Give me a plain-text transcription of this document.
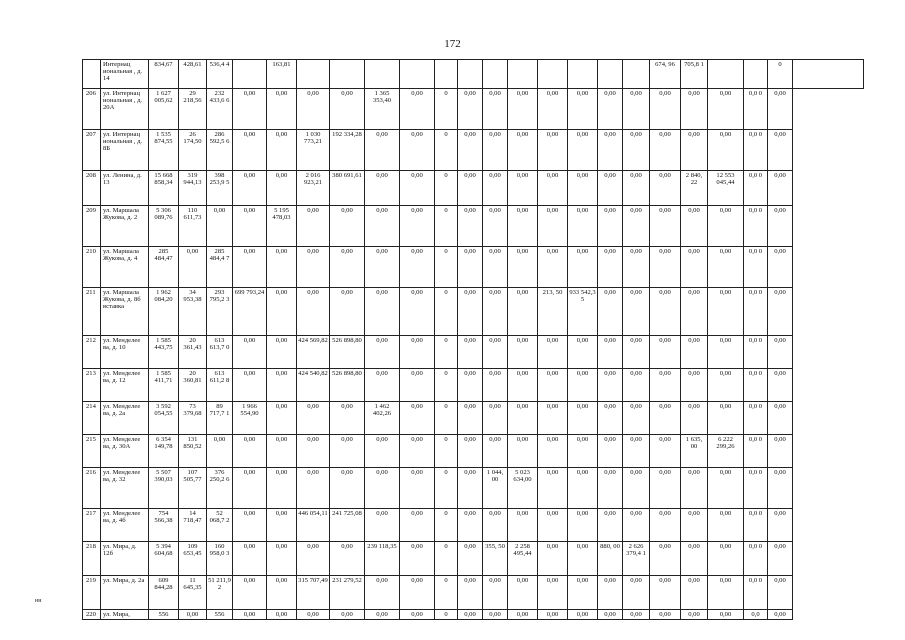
172
	Интернац иональная , д. 14	834,67	428,61	536,4 4		163,81													674, 96	705,8 1			0	
206	ул. Интернац иональная , д. 20А	1 627 005,62	29 218,56	232 433,6 6	0,00	0,00	0,00	0,00	1 365 353,40	0,00	0	0,00	0,00	0,00	0,00	0,00	0,00	0,00	0,00	0,00	0,00	0,0 0	0,00	
207	ул. Интернац иональная , д. 8Б	1 535 874,55	26 174,50	286 592,5 6	0,00	0,00	1 030 773,21	192 334,28	0,00	0,00	0	0,00	0,00	0,00	0,00	0,00	0,00	0,00	0,00	0,00	0,00	0,0 0	0,00	
208	ул. Ленина, д. 13	15 668 858,34	319 944,13	398 253,9 5	0,00	0,00	2 016 923,21	380 691,61	0,00	0,00	0	0,00	0,00	0,00	0,00	0,00	0,00	0,00	0,00	2 840, 22	12 553 045,44	0,0 0	0,00	
209	ул. Маршала Жукова, д. 2	5 306 089,76	110 611,73	0,00	0,00	5 195 478,03	0,00	0,00	0,00	0,00	0	0,00	0,00	0,00	0,00	0,00	0,00	0,00	0,00	0,00	0,00	0,0 0	0,00	
210	ул. Маршала Жукова, д. 4	285 484,47	0,00	285 484,4 7	0,00	0,00	0,00	0,00	0,00	0,00	0	0,00	0,00	0,00	0,00	0,00	0,00	0,00	0,00	0,00	0,00	0,0 0	0,00	
211	ул. Маршала Жукова, д. 8б вставка	1 962 084,20	34 953,38	293 795,2 3	699 793,24	0,00	0,00	0,00	0,00	0,00	0	0,00	0,00	0,00	213, 50	933 542,3 5	0,00	0,00	0,00	0,00	0,00	0,0 0	0,00	
212	ул. Менделее ва, д. 10	1 585 443,75	20 361,43	613 613,7 0	0,00	0,00	424 569,82	526 898,80	0,00	0,00	0	0,00	0,00	0,00	0,00	0,00	0,00	0,00	0,00	0,00	0,00	0,0 0	0,00	
213	ул. Менделее ва, д. 12	1 585 411,71	20 360,81	613 611,2 8	0,00	0,00	424 540,82	526 898,80	0,00	0,00	0	0,00	0,00	0,00	0,00	0,00	0,00	0,00	0,00	0,00	0,00	0,0 0	0,00	
214	ул. Менделее ва, д. 2а	3 592 054,55	73 379,68	89 717,7 1	1 966 554,90	0,00	0,00	0,00	1 462 402,26	0,00	0	0,00	0,00	0,00	0,00	0,00	0,00	0,00	0,00	0,00	0,00	0,0 0	0,00	
215	ул. Менделее ва, д. 30А	6 354 149,78	131 850,52	0,00	0,00	0,00	0,00	0,00	0,00	0,00	0	0,00	0,00	0,00	0,00	0,00	0,00	0,00	0,00	1 635, 00	6 222 299,26	0,0 0	0,00	
216	ул. Менделее ва, д. 32	5 507 390,03	107 505,77	376 250,2 6	0,00	0,00	0,00	0,00	0,00	0,00	0	0,00	1 044, 00	5 023 634,00	0,00	0,00	0,00	0,00	0,00	0,00	0,00	0,0 0	0,00	
217	ул. Менделее ва, д. 4б	754 566,38	14 718,47	52 068,7 2	0,00	0,00	446 054,11	241 725,08	0,00	0,00	0	0,00	0,00	0,00	0,00	0,00	0,00	0,00	0,00	0,00	0,00	0,0 0	0,00	
218	ул. Мира, д. 12б	5 394 604,68	109 653,45	160 958,0 3	0,00	0,00	0,00	0,00	239 118,35	0,00	0	0,00	355, 50	2 258 495,44	0,00	0,00	880, 00	2 626 379,4 1	0,00	0,00	0,00	0,0 0	0,00	
219	ул. Мира, д. 2а	609 844,28	11 645,35	51 211,9 2	0,00	0,00	315 707,49	231 279,52	0,00	0,00	0	0,00	0,00	0,00	0,00	0,00	0,00	0,00	0,00	0,00	0,00	0,0 0	0,00	
220	ул. Мира,	556	0,00	556	0,00	0,00	0,00	0,00	0,00	0,00	0	0,00	0,00	0,00	0,00	0,00	0,00	0,00	0,00	0,00	0,00	0,0	0,00	
нн
